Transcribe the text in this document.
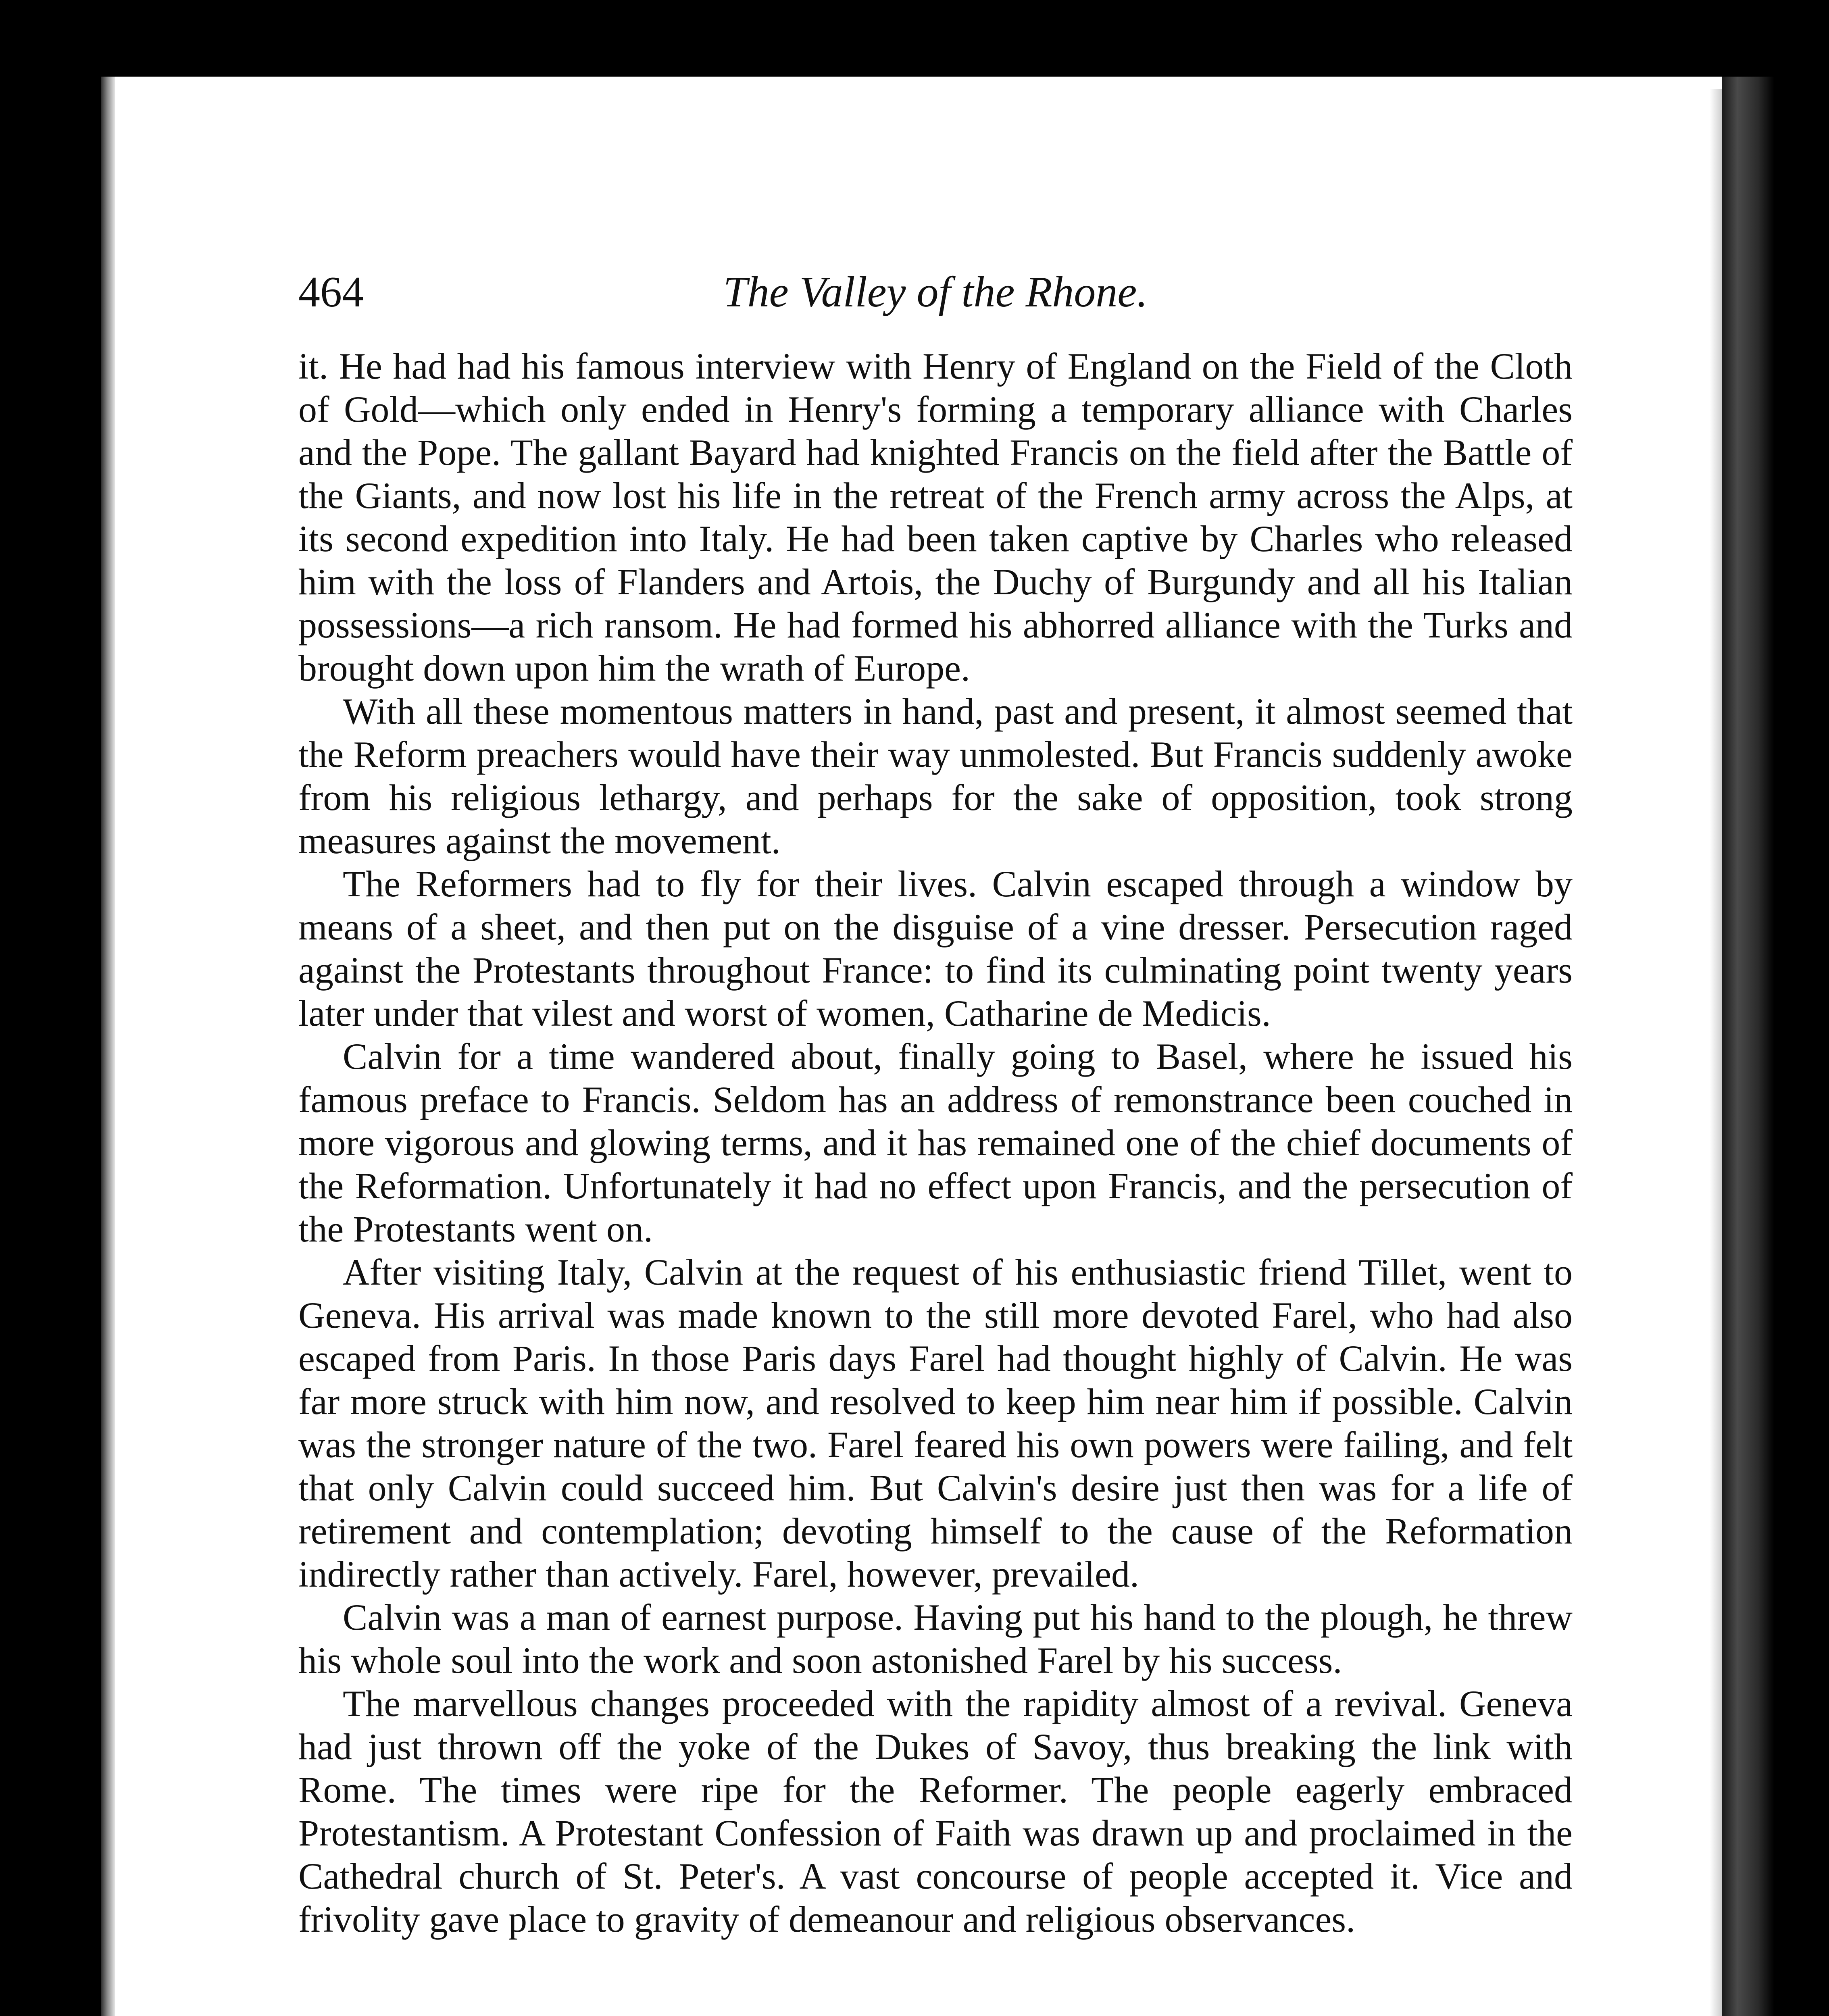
464	The Valley of the Rhone.

it. He had had his famous interview with Henry of England on the Field of the Cloth of Gold—which only ended in Henry's forming a temporary alliance with Charles and the Pope. The gallant Bayard had knighted Francis on the field after the Battle of the Giants, and now lost his life in the retreat of the French army across the Alps, at its second expedition into Italy. He had been taken captive by Charles who released him with the loss of Flanders and Artois, the Duchy of Burgundy and all his Italian possessions—a rich ransom. He had formed his abhorred alliance with the Turks and brought down upon him the wrath of Europe.

With all these momentous matters in hand, past and present, it almost seemed that the Reform preachers would have their way unmolested. But Francis suddenly awoke from his religious lethargy, and perhaps for the sake of opposition, took strong measures against the movement.

The Reformers had to fly for their lives. Calvin escaped through a window by means of a sheet, and then put on the disguise of a vine dresser. Persecution raged against the Protestants throughout France: to find its culminating point twenty years later under that vilest and worst of women, Catharine de Medicis.

Calvin for a time wandered about, finally going to Basel, where he issued his famous preface to Francis. Seldom has an address of remonstrance been couched in more vigorous and glowing terms, and it has remained one of the chief documents of the Reformation. Unfortunately it had no effect upon Francis, and the persecution of the Protestants went on.

After visiting Italy, Calvin at the request of his enthusiastic friend Tillet, went to Geneva. His arrival was made known to the still more devoted Farel, who had also escaped from Paris. In those Paris days Farel had thought highly of Calvin. He was far more struck with him now, and resolved to keep him near him if possible. Calvin was the stronger nature of the two. Farel feared his own powers were failing, and felt that only Calvin could succeed him. But Calvin's desire just then was for a life of retirement and contemplation; devoting himself to the cause of the Reformation indirectly rather than actively. Farel, however, prevailed.

Calvin was a man of earnest purpose. Having put his hand to the plough, he threw his whole soul into the work and soon astonished Farel by his success.

The marvellous changes proceeded with the rapidity almost of a revival. Geneva had just thrown off the yoke of the Dukes of Savoy, thus breaking the link with Rome. The times were ripe for the Reformer. The people eagerly embraced Protestantism. A Protestant Confession of Faith was drawn up and proclaimed in the Cathedral church of St. Peter's. A vast concourse of people accepted it. Vice and frivolity gave place to gravity of demeanour and religious observances.
